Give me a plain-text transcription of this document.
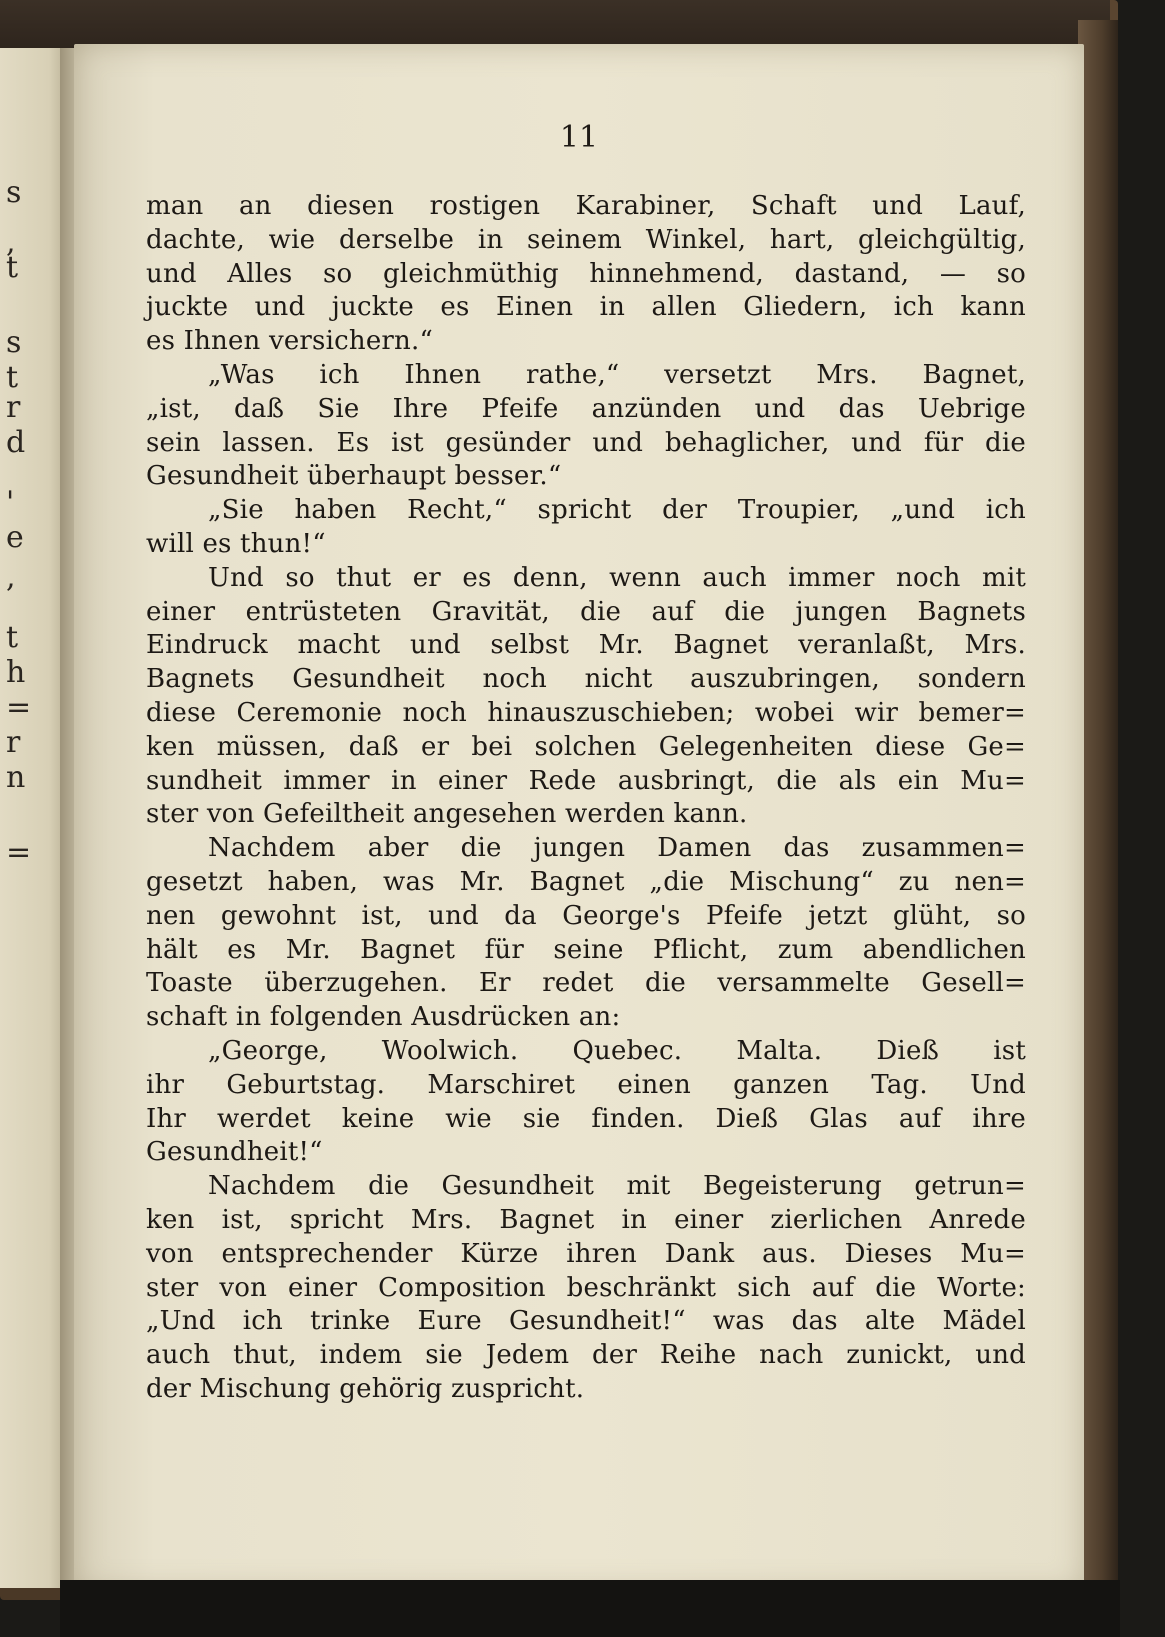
s
,
t
s
t
r
d
'
e
,
t
h
=
r
n
=
11
man an diesen rostigen Karabiner, Schaft und Lauf,
dachte, wie derselbe in seinem Winkel, hart, gleichgültig,
und Alles so gleichmüthig hinnehmend, dastand, — so
juckte und juckte es Einen in allen Gliedern, ich kann
es Ihnen versichern.“
„Was ich Ihnen rathe,“ versetzt Mrs. Bagnet,
„ist, daß Sie Ihre Pfeife anzünden und das Uebrige
sein lassen. Es ist gesünder und behaglicher, und für die
Gesundheit überhaupt besser.“
„Sie haben Recht,“ spricht der Troupier, „und ich
will es thun!“
Und so thut er es denn, wenn auch immer noch mit
einer entrüsteten Gravität, die auf die jungen Bagnets
Eindruck macht und selbst Mr. Bagnet veranlaßt, Mrs.
Bagnets Gesundheit noch nicht auszubringen, sondern
diese Ceremonie noch hinauszuschieben; wobei wir bemer=
ken müssen, daß er bei solchen Gelegenheiten diese Ge=
sundheit immer in einer Rede ausbringt, die als ein Mu=
ster von Gefeiltheit angesehen werden kann.
Nachdem aber die jungen Damen das zusammen=
gesetzt haben, was Mr. Bagnet „die Mischung“ zu nen=
nen gewohnt ist, und da George's Pfeife jetzt glüht, so
hält es Mr. Bagnet für seine Pflicht, zum abendlichen
Toaste überzugehen. Er redet die versammelte Gesell=
schaft in folgenden Ausdrücken an:
„George, Woolwich. Quebec. Malta. Dieß ist
ihr Geburtstag. Marschiret einen ganzen Tag. Und
Ihr werdet keine wie sie finden. Dieß Glas auf ihre
Gesundheit!“
Nachdem die Gesundheit mit Begeisterung getrun=
ken ist, spricht Mrs. Bagnet in einer zierlichen Anrede
von entsprechender Kürze ihren Dank aus. Dieses Mu=
ster von einer Composition beschränkt sich auf die Worte:
„Und ich trinke Eure Gesundheit!“ was das alte Mädel
auch thut, indem sie Jedem der Reihe nach zunickt, und
der Mischung gehörig zuspricht.
